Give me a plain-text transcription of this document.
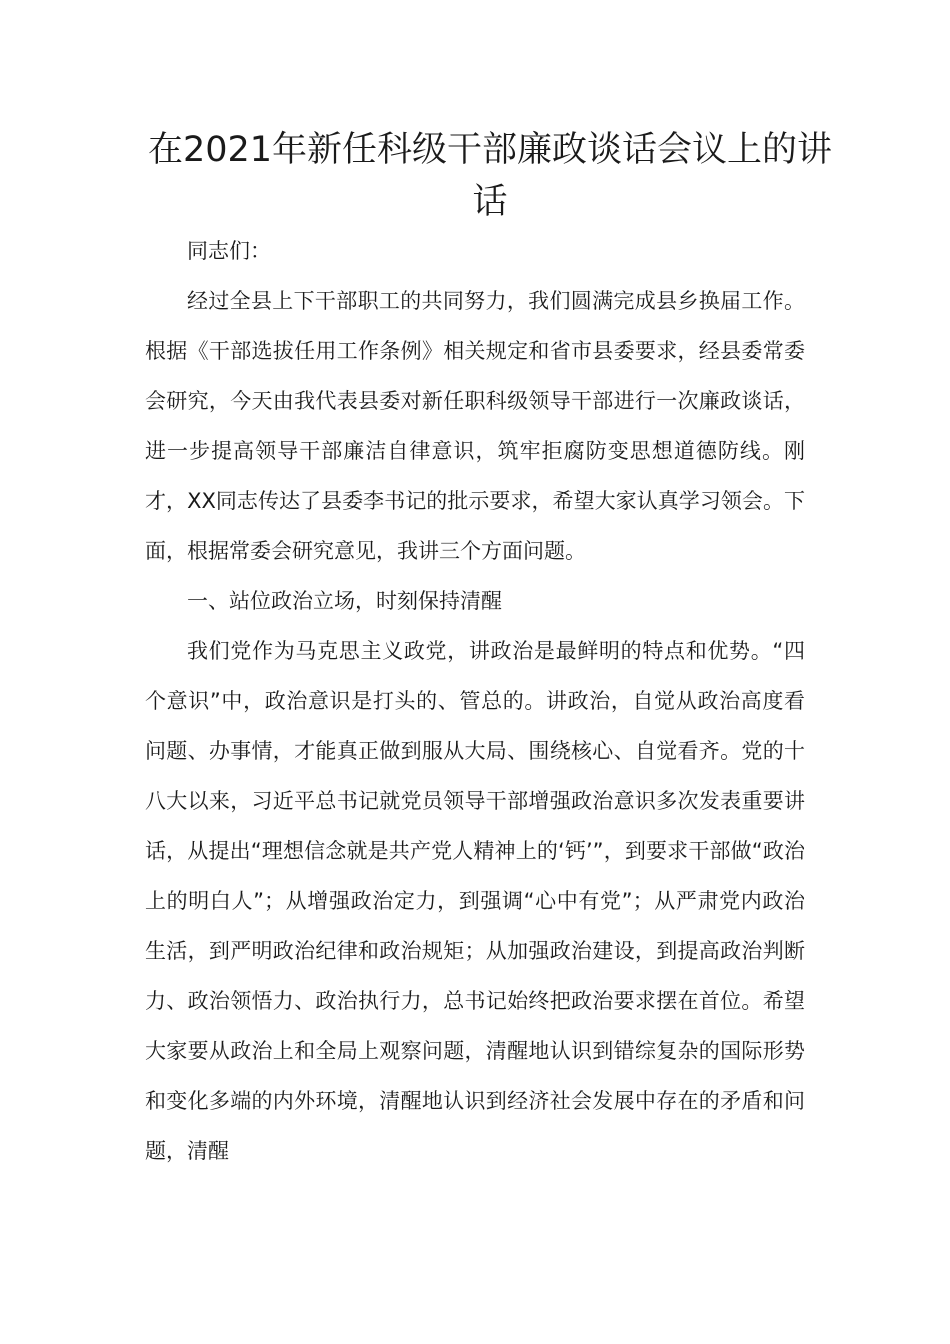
在2021年新任科级干部廉政谈话会议上的讲话

同志们：

经过全县上下干部职工的共同努力，我们圆满完成县乡换届工作。根据《干部选拔任用工作条例》相关规定和省市县委要求，经县委常委会研究，今天由我代表县委对新任职科级领导干部进行一次廉政谈话，进一步提高领导干部廉洁自律意识，筑牢拒腐防变思想道德防线。刚才，XX同志传达了县委李书记的批示要求，希望大家认真学习领会。下面，根据常委会研究意见，我讲三个方面问题。

一、站位政治立场，时刻保持清醒

我们党作为马克思主义政党，讲政治是最鲜明的特点和优势。“四个意识”中，政治意识是打头的、管总的。讲政治，自觉从政治高度看问题、办事情，才能真正做到服从大局、围绕核心、自觉看齐。党的十八大以来，习近平总书记就党员领导干部增强政治意识多次发表重要讲话，从提出“理想信念就是共产党人精神上的‘钙’”，到要求干部做“政治上的明白人”；从增强政治定力，到强调“心中有党”；从严肃党内政治生活，到严明政治纪律和政治规矩；从加强政治建设，到提高政治判断力、政治领悟力、政治执行力，总书记始终把政治要求摆在首位。希望大家要从政治上和全局上观察问题，清醒地认识到错综复杂的国际形势和变化多端的内外环境，清醒地认识到经济社会发展中存在的矛盾和问题，清醒
